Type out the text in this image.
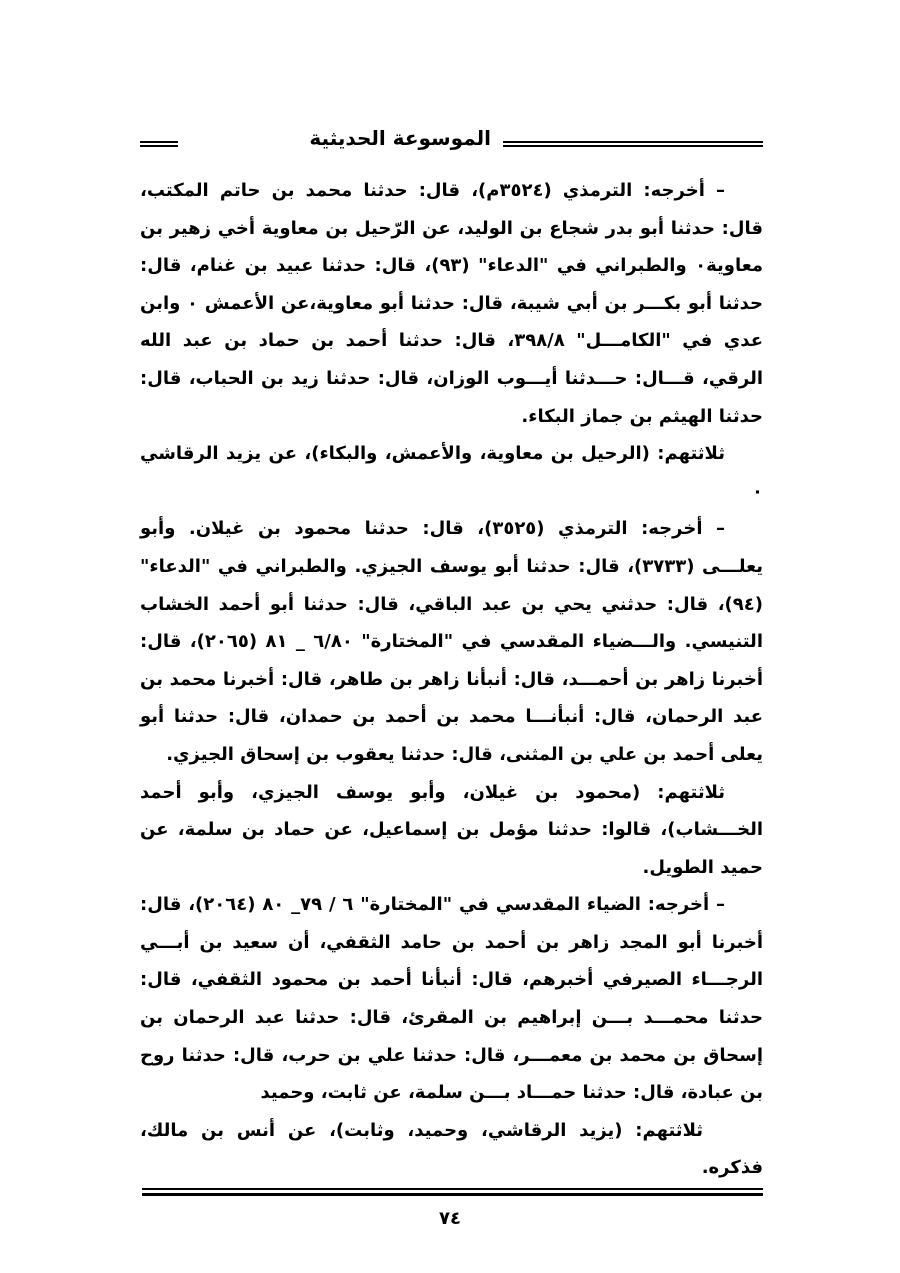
الموسوعة الحديثية

– أخرجه: الترمذي (٣٥٢٤م)، قال: حدثنا محمد بن حاتم المكتب، قال: حدثنا أبو بدر شجاع بن الوليد، عن الرّحيل بن معاوية أخي زهير بن معاوية٠ والطبراني في "الدعاء" (٩٣)، قال: حدثنا عبيد بن غنام، قال: حدثنا أبو بكـــر بن أبي شيبة، قال: حدثنا أبو معاوية،عن الأعمش ٠ وابن عدي في "الكامـــل" ٣٩٨/٨، قال: حدثنا أحمد بن حماد بن عبد الله الرقي، قـــال: حـــدثنا أيـــوب الوزان، قال: حدثنا زيد بن الحباب، قال: حدثنا الهيثم بن جماز البكاء.

ثلاثتهم: (الرحيل بن معاوية، والأعمش، والبكاء)، عن يزيد الرقاشي ٠

– أخرجه: الترمذي (٣٥٢٥)، قال: حدثنا محمود بن غيلان. وأبو يعلـــى (٣٧٣٣)، قال: حدثنا أبو يوسف الجيزي. والطبراني في "الدعاء" (٩٤)، قال: حدثني يحي بن عبد الباقي، قال: حدثنا أبو أحمد الخشاب التنيسي. والـــضياء المقدسي في "المختارة" ٦/٨٠ _ ٨١ (٢٠٦٥)، قال: أخبرنا زاهر بن أحمـــد، قال: أنبأنا زاهر بن طاهر، قال: أخبرنا محمد بن عبد الرحمان، قال: أنبأنـــا محمد بن أحمد بن حمدان، قال: حدثنا أبو يعلى أحمد بن علي بن المثنى، قال: حدثنا يعقوب بن إسحاق الجيزي.

ثلاثتهم: (محمود بن غيلان، وأبو يوسف الجيزي، وأبو أحمد الخـــشاب)، قالوا: حدثنا مؤمل بن إسماعيل، عن حماد بن سلمة، عن حميد الطويل.

– أخرجه: الضياء المقدسي في "المختارة" ٦ / ٧٩_ ٨٠ (٢٠٦٤)، قال: أخبرنا أبو المجد زاهر بن أحمد بن حامد الثقفي، أن سعيد بن أبـــي الرجـــاء الصيرفي أخبرهم، قال: أنبأنا أحمد بن محمود الثقفي، قال: حدثنا محمـــد بـــن إبراهيم بن المقرئ، قال: حدثنا عبد الرحمان بن إسحاق بن محمد بن معمـــر، قال: حدثنا علي بن حرب، قال: حدثنا روح بن عبادة، قال: حدثنا حمـــاد بـــن سلمة، عن ثابت، وحميد

ثلاثتهم: (يزيد الرقاشي، وحميد، وثابت)، عن أنس بن مالك، فذكره.

٧٤
